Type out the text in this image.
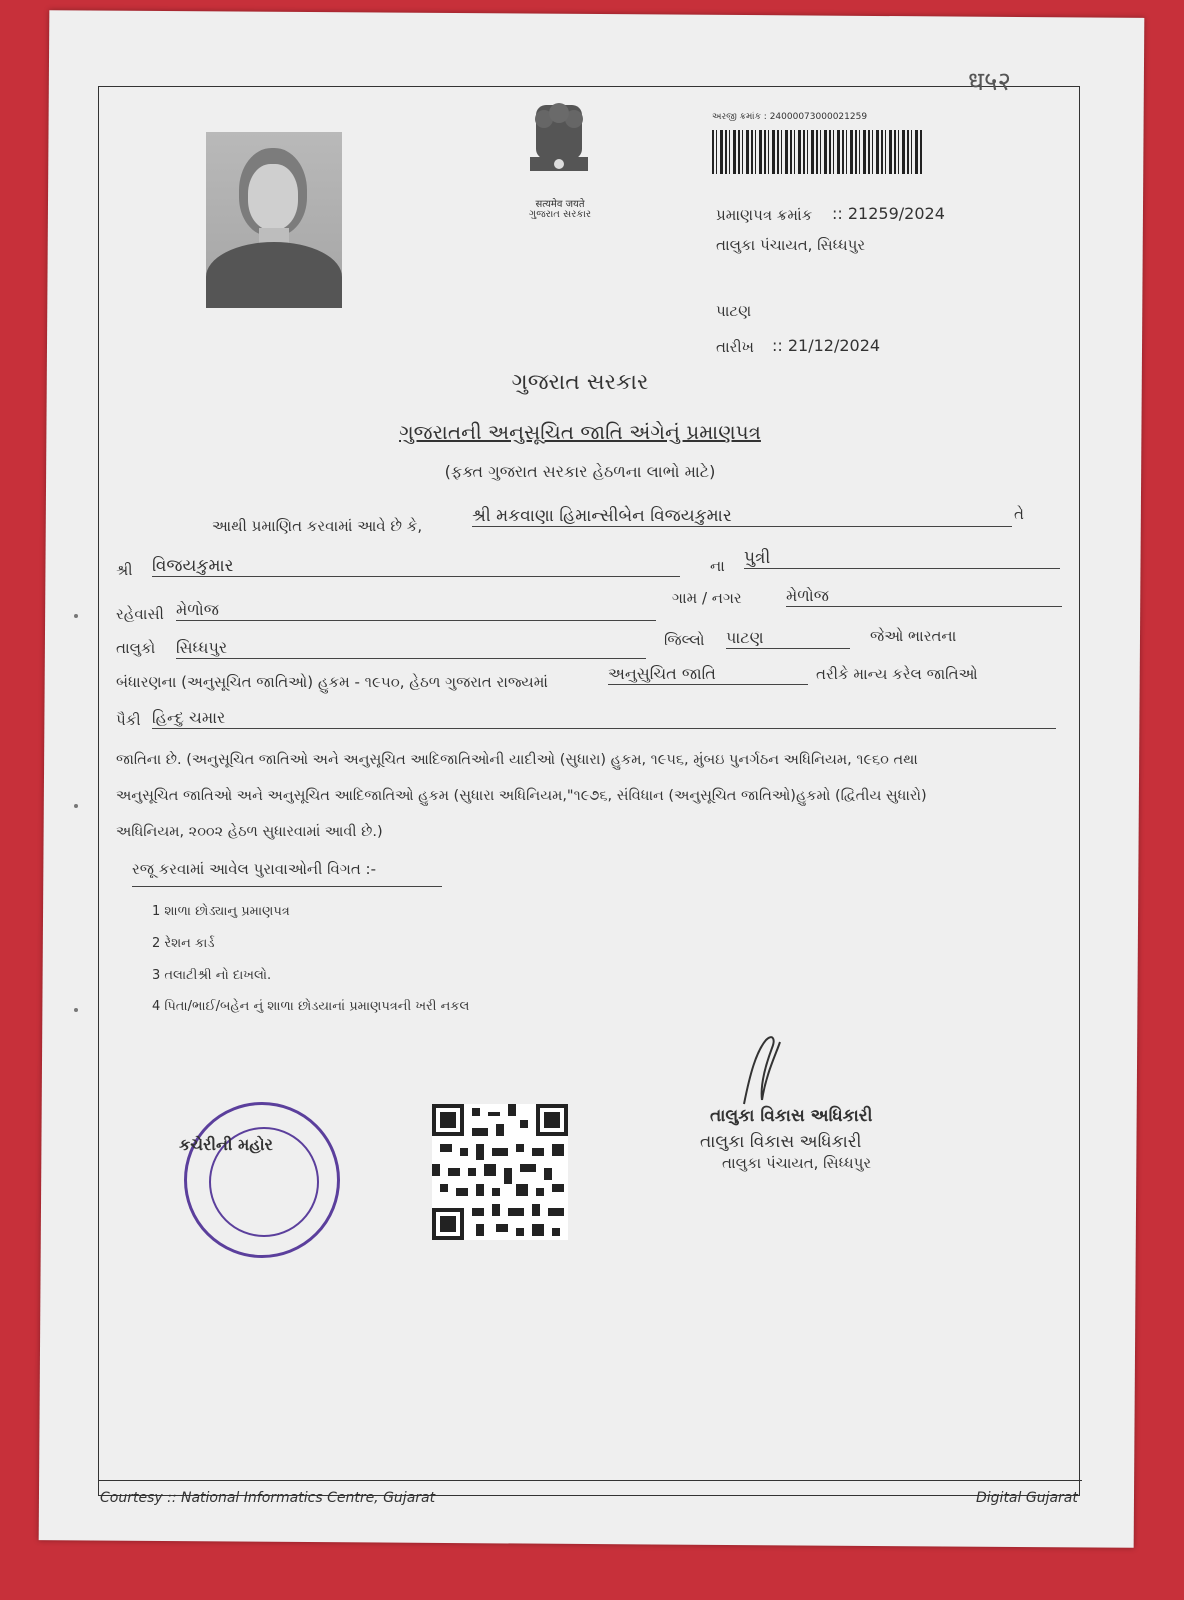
ध५२
सत्यमेव जयते
ગુજરાત સરકાર
અરજી ક્રમાંક : 24000073000021259
પ્રમાણપત્ર ક્રમાંક :: 21259/2024
તાલુકા પંચાયત, સિધ્ધપુર
પાટણ
તારીખ :: 21/12/2024
ગુજરાત સરકાર
ગુજરાતની અનુસૂચિત જાતિ અંગેનું પ્રમાણપત્ર
(ફક્ત ગુજરાત સરકાર હેઠળના લાભો માટે)
આથી પ્રમાણિત કરવામાં આવે છે કે,	શ્રી મકવાણા હિમાન્સીબેન વિજયકુમાર	તે
શ્રી વિજયકુમાર	ના પુત્રી
રહેવાસી મેળોજ
ગામ / નગર	મેળોજ
તાલુકો સિધ્ધપુર	જિલ્લો પાટણ	જેઓ ભારતના
બંધારણના (અનુસૂચિત જાતિઓ) હુકમ - ૧૯૫૦, હેઠળ ગુજરાત રાજ્યમાં	અનુસુચિત જાતિ	તરીકે માન્ય કરેલ જાતિઓ
પૈકી હિન્દુ ચમાર
જાતિના છે. (અનુસૂચિત જાતિઓ અને અનુસૂચિત આદિજાતિઓની યાદીઓ (સુધારા) હુકમ, ૧૯૫૬, મુંબઇ પુનર્ગઠન અધિનિયમ, ૧૯૬૦ તથા
અનુસૂચિત જાતિઓ અને અનુસૂચિત આદિજાતિઓ હુકમ (સુધારા અધિનિયમ,"૧૯૭૬, સંવિધાન (અનુસૂચિત જાતિઓ)હુકમો (દ્વિતીય સુધારો)
અધિનિયમ, ૨૦૦૨ હેઠળ સુધારવામાં આવી છે.)
રજૂ કરવામાં આવેલ પુરાવાઓની વિગત :-
1 શાળા છોડ્યાનુ પ્રમાણપત્ર
2 રેશન કાર્ડ
3 તલાટીશ્રી નો દાખલો.
4 પિતા/ભાઈ/બહેન નું શાળા છોડયાનાં પ્રમાણપત્રની ખરી નકલ
કચેરીની મહોર
તાલુકા વિકાસ અધિકારી
તાલુકા વિકાસ અધિકારી
તાલુકા પંચાયત, સિધ્ધપુર
Courtesy :: National Informatics Centre, Gujarat	Digital Gujarat
